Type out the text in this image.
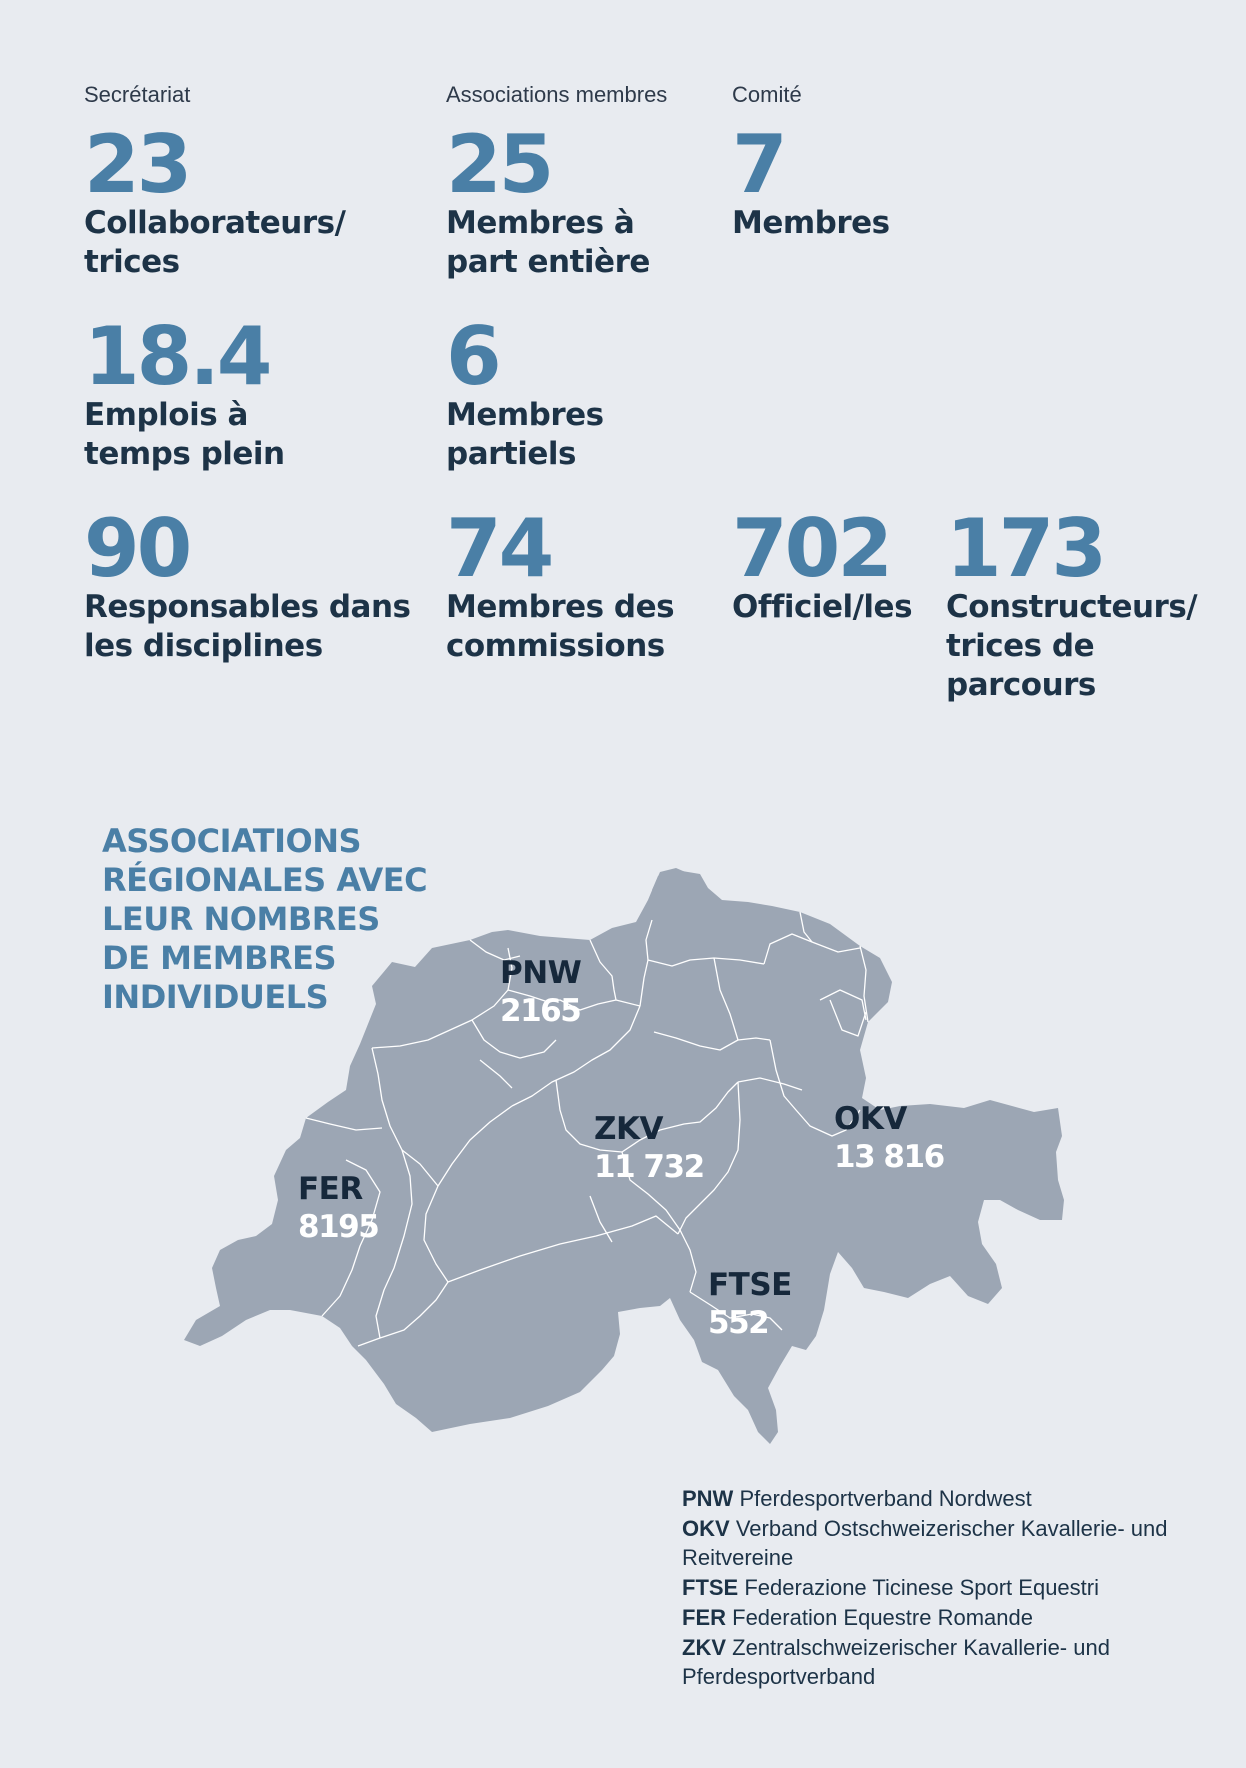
Secrétariat	Associations membres	Comité
23
Collaborateurs/ trices
25
Membres à part entière
7
Membres
18.4
Emplois à temps plein
6
Membres partiels
90
Responsables dans les disciplines
74
Membres des commissions
702
Officiel/les
173
Constructeurs/ trices de parcours
ASSOCIATIONS RÉGIONALES AVEC LEUR NOMBRES DE MEMBRES INDIVIDUELS
PNW
2165
ZKV
11 732
OKV
13 816
FER
8195
FTSE
552
PNW Pferdesportverband Nordwest
OKV Verband Ostschweizerischer Kavallerie- und Reitvereine
FTSE Federazione Ticinese Sport Equestri
FER Federation Equestre Romande
ZKV Zentralschweizerischer Kavallerie- und Pferdesportverband
